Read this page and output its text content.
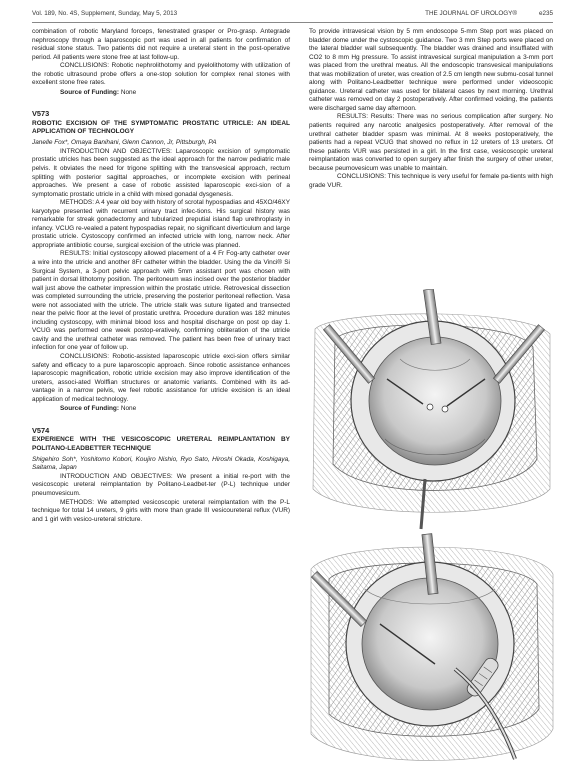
Vol. 189, No. 4S, Supplement, Sunday, May 5, 2013	THE JOURNAL OF UROLOGY®	e235

combination of robotic Maryland forceps, fenestrated grasper or Pro-grasp. Antegrade nephroscopy through a laparoscopic port was used in all patients for confirmation of residual stone status. Two patients did not require a ureteral stent in the post-operative period. All patients were stone free at last follow-up.

CONCLUSIONS: Robotic nephrolithotomy and pyelolithotomy with utilization of the robotic ultrasound probe offers a one-stop solution for complex renal stones with excellent stone free rates.

Source of Funding: None

V573

ROBOTIC EXCISION OF THE SYMPTOMATIC PROSTATIC UTRICLE: AN IDEAL APPLICATION OF TECHNOLOGY

Janelle Fox*, Omaya Banihani, Glenn Cannon, Jr, Pittsburgh, PA

INTRODUCTION AND OBJECTIVES: Laparoscopic excision of symptomatic prostatic utricles has been suggested as the ideal approach for the narrow pediatric male pelvis. It obviates the need for trigone splitting with the transvesical approach, rectum splitting with posterior sagittal approaches, or incomplete excision with perineal approaches. We present a case of robotic assisted laparoscopic exci-sion of a symptomatic prostatic utricle in a child with mixed gonadal dysgenesis.

METHODS: A 4 year old boy with history of scrotal hypospadias and 45XO/46XY karyotype presented with recurrent urinary tract infec-tions. His surgical history was remarkable for streak gonadectomy and tubularized preputial island flap urethroplasty in infancy. VCUG re-vealed a patent hypospadias repair, no significant diverticulum and large prostatic utricle. Cystoscopy confirmed an infected utricle with long, narrow neck. After appropriate antibiotic course, surgical excision of the utricle was planned.

RESULTS: Initial cystoscopy allowed placement of a 4 Fr Fog-arty catheter over a wire into the utricle and another 8Fr catheter within the bladder. Using the da Vinci® Si Surgical System, a 3-port pelvic approach with 5mm assistant port was chosen with patient in dorsal lithotomy position. The peritoneum was incised over the posterior bladder wall just above the catheter impression within the prostatic utricle. Retrovesical dissection was completed surrounding the utricle, preserving the posterior peritoneal reflection. Vasa were not associated with the utricle. The utricle stalk was suture ligated and transected near the pelvic floor at the level of prostatic urethra. Procedure duration was 182 minutes including cystoscopy, with minimal blood loss and hospital discharge on post op day 1. VCUG was performed one week postop-eratively, confirming obliteration of the utricle cavity and the urethral catheter was removed. The patient has been free of urinary tract infection for one year of follow up.

CONCLUSIONS: Robotic-assisted laparoscopic utricle exci-sion offers similar safety and efficacy to a pure laparoscopic approach. Since robotic assistance enhances laparoscopic magnification, robotic utricle excision may also improve identification of the ureters, associ-ated Wolffian structures or anatomic variants. Combined with its ad-vantage in a narrow pelvis, we feel robotic assistance for utricle excision is an ideal application of medical technology.

Source of Funding: None

V574

EXPERIENCE WITH THE VESICOSCOPIC URETERAL REIMPLANTATION BY POLITANO-LEADBETTER TECHNIQUE

Shigehiro Soh*, Yoshitomo Kobori, Koujiro Nishio, Ryo Sato, Hiroshi Okada, Koshigaya, Saitama, Japan

INTRODUCTION AND OBJECTIVES: We present a initial re-port with the vesicoscopic ureteral reimplantation by Politano-Leadbet-ter (P-L) technique under pneumovesicum.

METHODS: We attempted vesicoscopic ureteral reimplantation with the P-L technique for total 14 ureters, 9 girls with more than grade III vesicoureteral reflux (VUR) and 1 girl with vesico-ureteral stricture.

To provide intravesical vision by 5 mm endoscope 5-mm Step port was placed on bladder dome under the cystoscopic guidance. Two 3 mm Step ports were placed on the lateral bladder wall subsequently. The bladder was drained and insufflated with CO2 to 8 mm Hg pressure. To assist intravesical surgical manipulation a 3-mm port was placed from the urethral meatus. All the endoscopic transvesical manipulations that was mobilization of ureter, was creation of 2.5 cm length new submu-cosal tunnel along with Politano-Leadbetter technique were performed under videoscopic guidance. Ureteral catheter was used for bilateral cases by next morning. Urethral catheter was removed on day 2 postoperatively. After confirmed voiding, the patients were discharged same day afternoon.

RESULTS: Results: There was no serious complication after surgery. No patients required any narcotic analgesics postoperatively. After removal of the urethral catheter bladder spasm was minimal. At 8 weeks postoperatively, the patients had a repeat VCUG that showed no reflux in 12 ureters of 13 ureters. Of these patients VUR was persisted in a girl. In the first case, vesicoscopic ureteral reimplantation was converted to open surgery after finish the surgery of other ureter, because peumovesicum was unable to maintain.

CONCLUSIONS: This technique is very useful for female pa-tients with high grade VUR.
